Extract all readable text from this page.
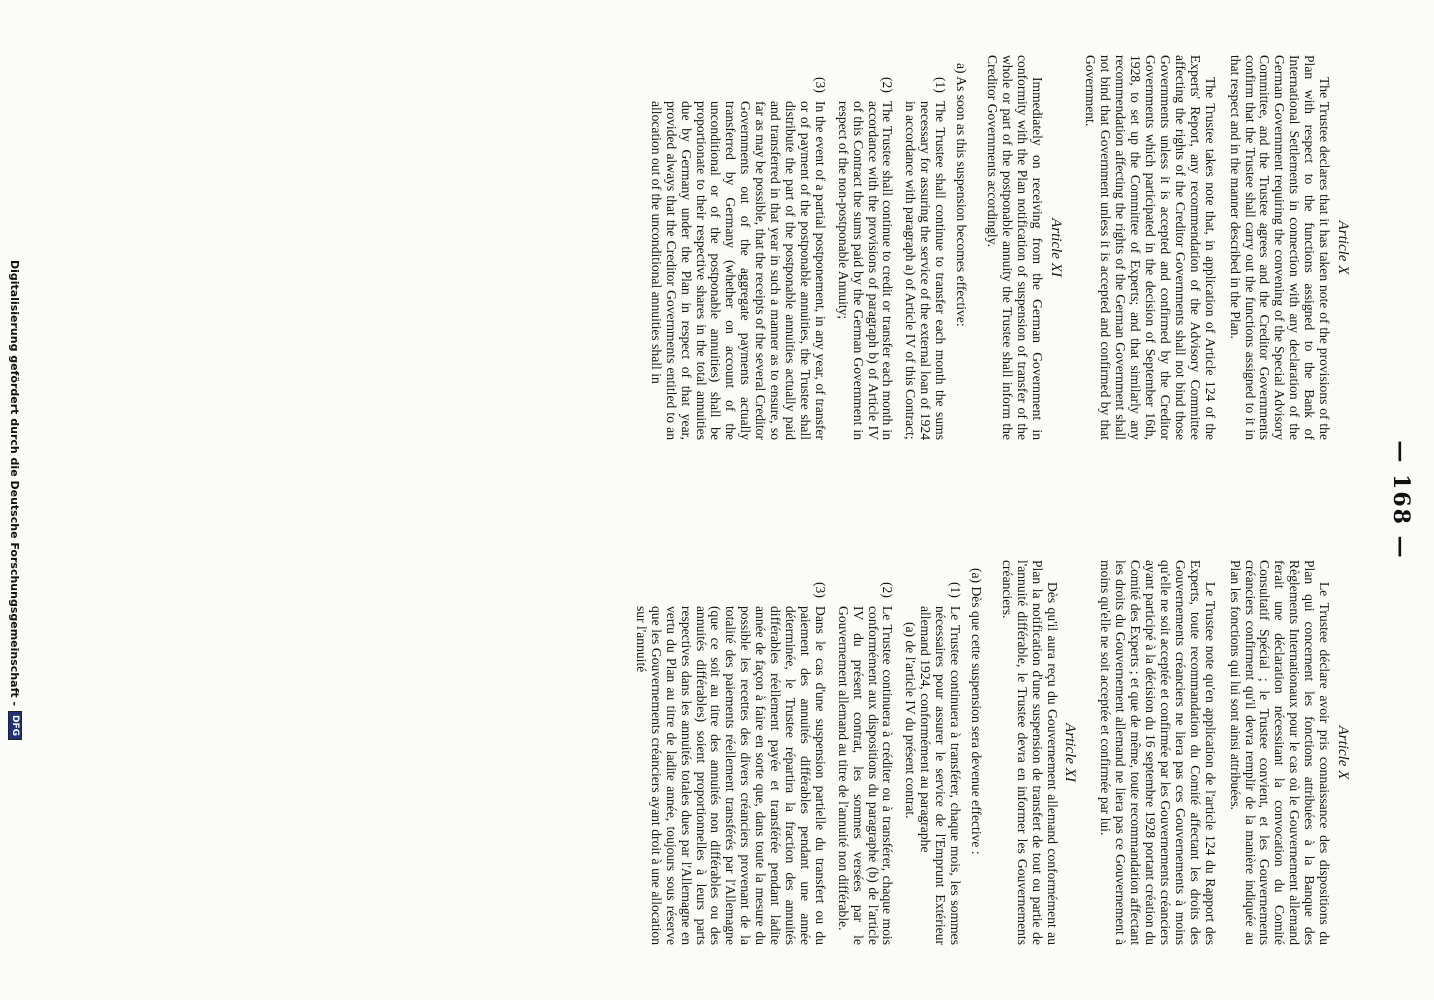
— 168 —
Article X

The Trustee declares that it has taken note of the provisions of the Plan with respect to the functions assigned to the Bank of International Settlements in connection with any declaration of the German Government requiring the convening of the Special Advisory Committee, and the Trustee agrees and the Creditor Governments confirm that the Trustee shall carry out the functions assigned to it in that respect and in the manner described in the Plan.

The Trustee takes note that, in application of Article 124 of the Experts' Report, any recommendation of the Advisory Committee affecting the rights of the Creditor Governments shall not bind those Governments unless it is accepted and confirmed by the Creditor Governments which participated in the decision of September 16th, 1928, to set up the Committee of Experts; and that similarly any recommendation affecting the rights of the German Government shall not bind that Government unless it is accepted and confirmed by that Government.

Article XI

Immediately on receiving from the German Government in conformity with the Plan notification of suspension of transfer of the whole or part of the postponable annuity the Trustee shall inform the Creditor Governments accordingly.

a) As soon as this suspension becomes effective:

(1)
The Trustee shall continue to transfer each month the sums necessary for assuring the service of the external loan of 1924 in accordance with paragraph a) of Article IV of this Contract;
(2)
The Trustee shall continue to credit or transfer each month in accordance with the provisions of paragraph b) of Article IV of this Contract the sums paid by the German Government in respect of the non-postponable Annuity;
(3)
In the event of a partial postponement, in any year, of transfer or of payment of the postponable annuities, the Trustee shall distribute the part of the postponable annuities actually paid and transferred in that year in such a manner as to ensure, so far as may be possible, that the receipts of the several Creditor Governments out of the aggregate payments actually transferred by Germany (whether on account of the unconditional or of the postponable annuities) shall be proportionate to their respective shares in the total annuities due by Germany under the Plan in respect of that year, provided always that the Creditor Governments entitled to an allocation out of the unconditional annuities shall in
Article X

Le Trustee déclare avoir pris connaissance des dispositions du Plan qui concernent les fonctions attribuées à la Banque des Règlements Internationaux pour le cas où le Gouvernement allemand ferait une déclaration nécessitant la convocation du Comité Consultatif Spécial ; le Trustee convient, et les Gouvernements créanciers confirment qu'il devra remplir de la manière indiquée au Plan les fonctions qui lui sont ainsi attribuées.

Le Trustee note qu'en application de l'article 124 du Rapport des Experts, toute recommandation du Comité affectant les droits des Gouvernements créanciers ne liera pas ces Gouvernements à moins qu'elle ne soit acceptée et confirmée par les Gouvernements créanciers ayant participé à la décision du 16 septembre 1928 portant création du Comité des Experts ; et que de même, toute recommandation affectant les droits du Gouvernement allemand ne liera pas ce Gouvernement à moins qu'elle ne soit acceptée et confirmée par lui.

Article XI

Dès qu'il aura reçu du Gouvernement allemand conformément au Plan la notification d'une suspension de transfert de tout ou partie de l'annuité différable, le Trustee devra en informer les Gouvernements créanciers.

(a) Dès que cette suspension sera devenue effective :

(1)
Le Trustee continuera à transférer, chaque mois, les sommes nécessaires pour assurer le service de l'Emprunt Extérieur allemand 1924, conformément au paragraphe
(a) de l'article IV du présent contrat.
(2)
Le Trustee continuera à créditer ou à transférer, chaque mois conformément aux dispositions du paragraphe (b) de l'article IV du présent contrat, les sommes versées par le Gouvernement allemand au titre de l'annuité non différable.
(3)
Dans le cas d'une suspension partielle du transfert ou du paiement des annuités différables pendant une année déterminée, le Trustee répartira la fraction des annuités différables réellement payée et transférée pendant ladite année de façon à faire en sorte que, dans toute la mesure du possible les recettes des divers créanciers provenant de la totalité des paiements réellement transférés par l'Allemagne (que ce soit au titre des annuités non différables ou des annuités différables) soient proportionnelles à leurs parts respectives dans les annuités totales dues par l'Allemagne en vertu du Plan au titre de ladite année, toujours sous réserve que les Gouvernements créanciers ayant droit à une allocation sur l'annuité
Digitalisierung gefördert durch die Deutsche Forschungsgemeinschaft -
DFG
